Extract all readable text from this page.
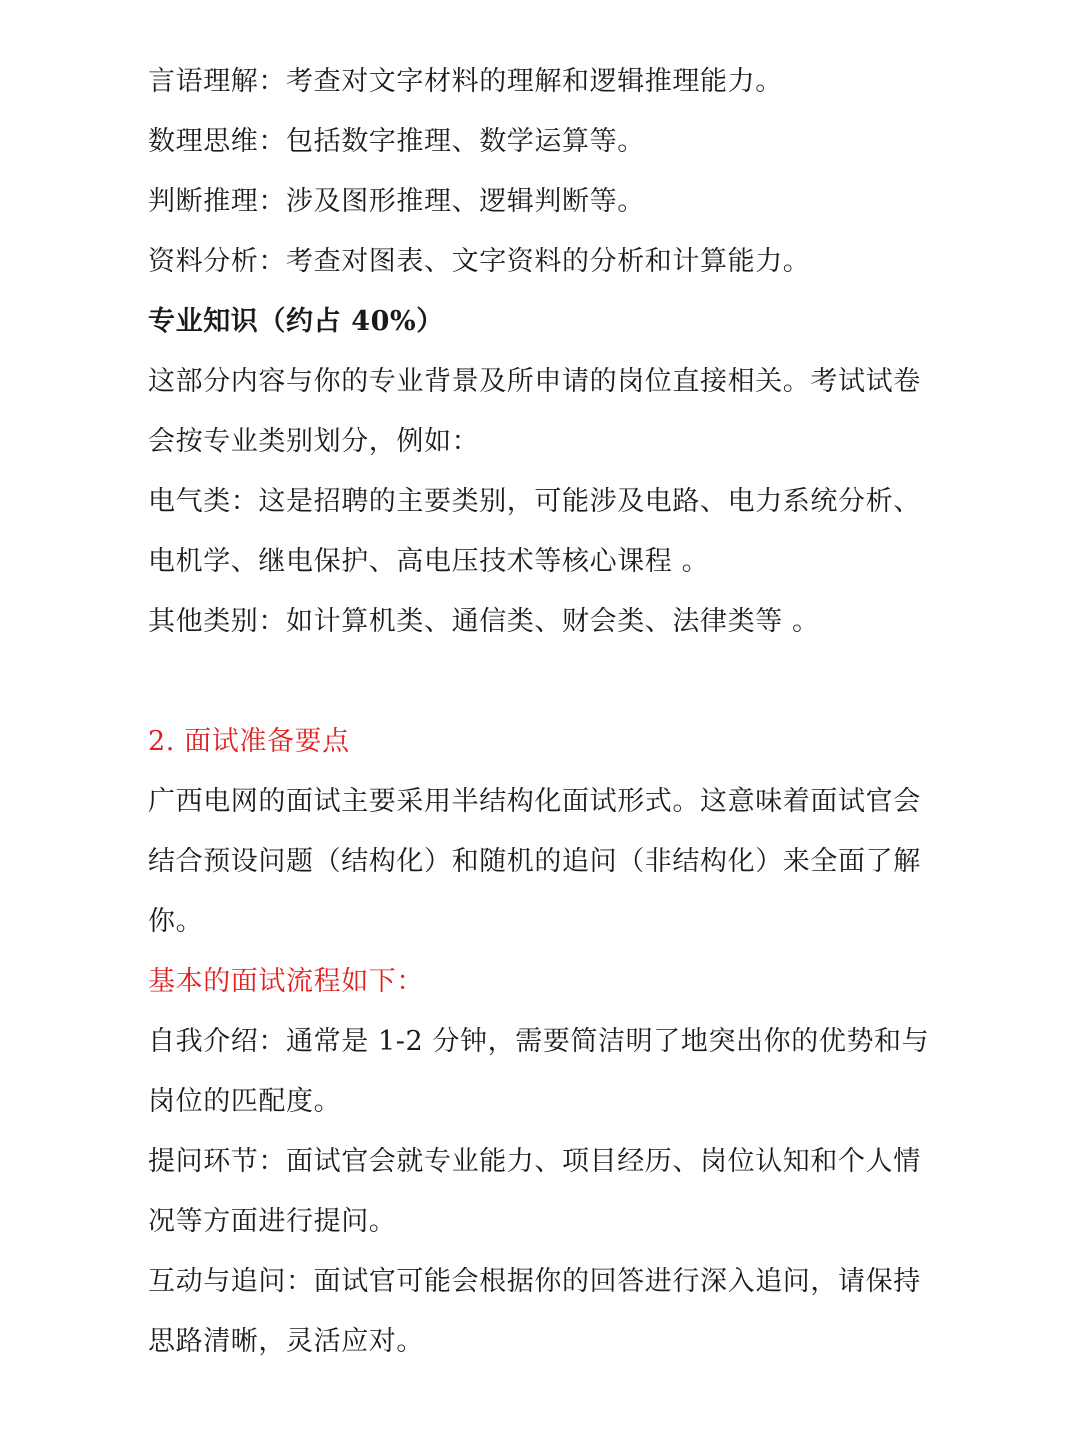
言语理解：考查对文字材料的理解和逻辑推理能力。

数理思维：包括数字推理、数学运算等。

判断推理：涉及图形推理、逻辑判断等。

资料分析：考查对图表、文字资料的分析和计算能力。

专业知识（约占 40%）

这部分内容与你的专业背景及所申请的岗位直接相关。考试试卷会按专业类别划分，例如：

电气类：这是招聘的主要类别，可能涉及电路、电力系统分析、电机学、继电保护、高电压技术等核心课程 。

其他类别：如计算机类、通信类、财会类、法律类等 。

2. 面试准备要点

广西电网的面试主要采用半结构化面试形式。这意味着面试官会结合预设问题（结构化）和随机的追问（非结构化）来全面了解你。

基本的面试流程如下：

自我介绍：通常是 1-2 分钟，需要简洁明了地突出你的优势和与岗位的匹配度。

提问环节：面试官会就专业能力、项目经历、岗位认知和个人情况等方面进行提问。

互动与追问：面试官可能会根据你的回答进行深入追问，请保持思路清晰，灵活应对。
